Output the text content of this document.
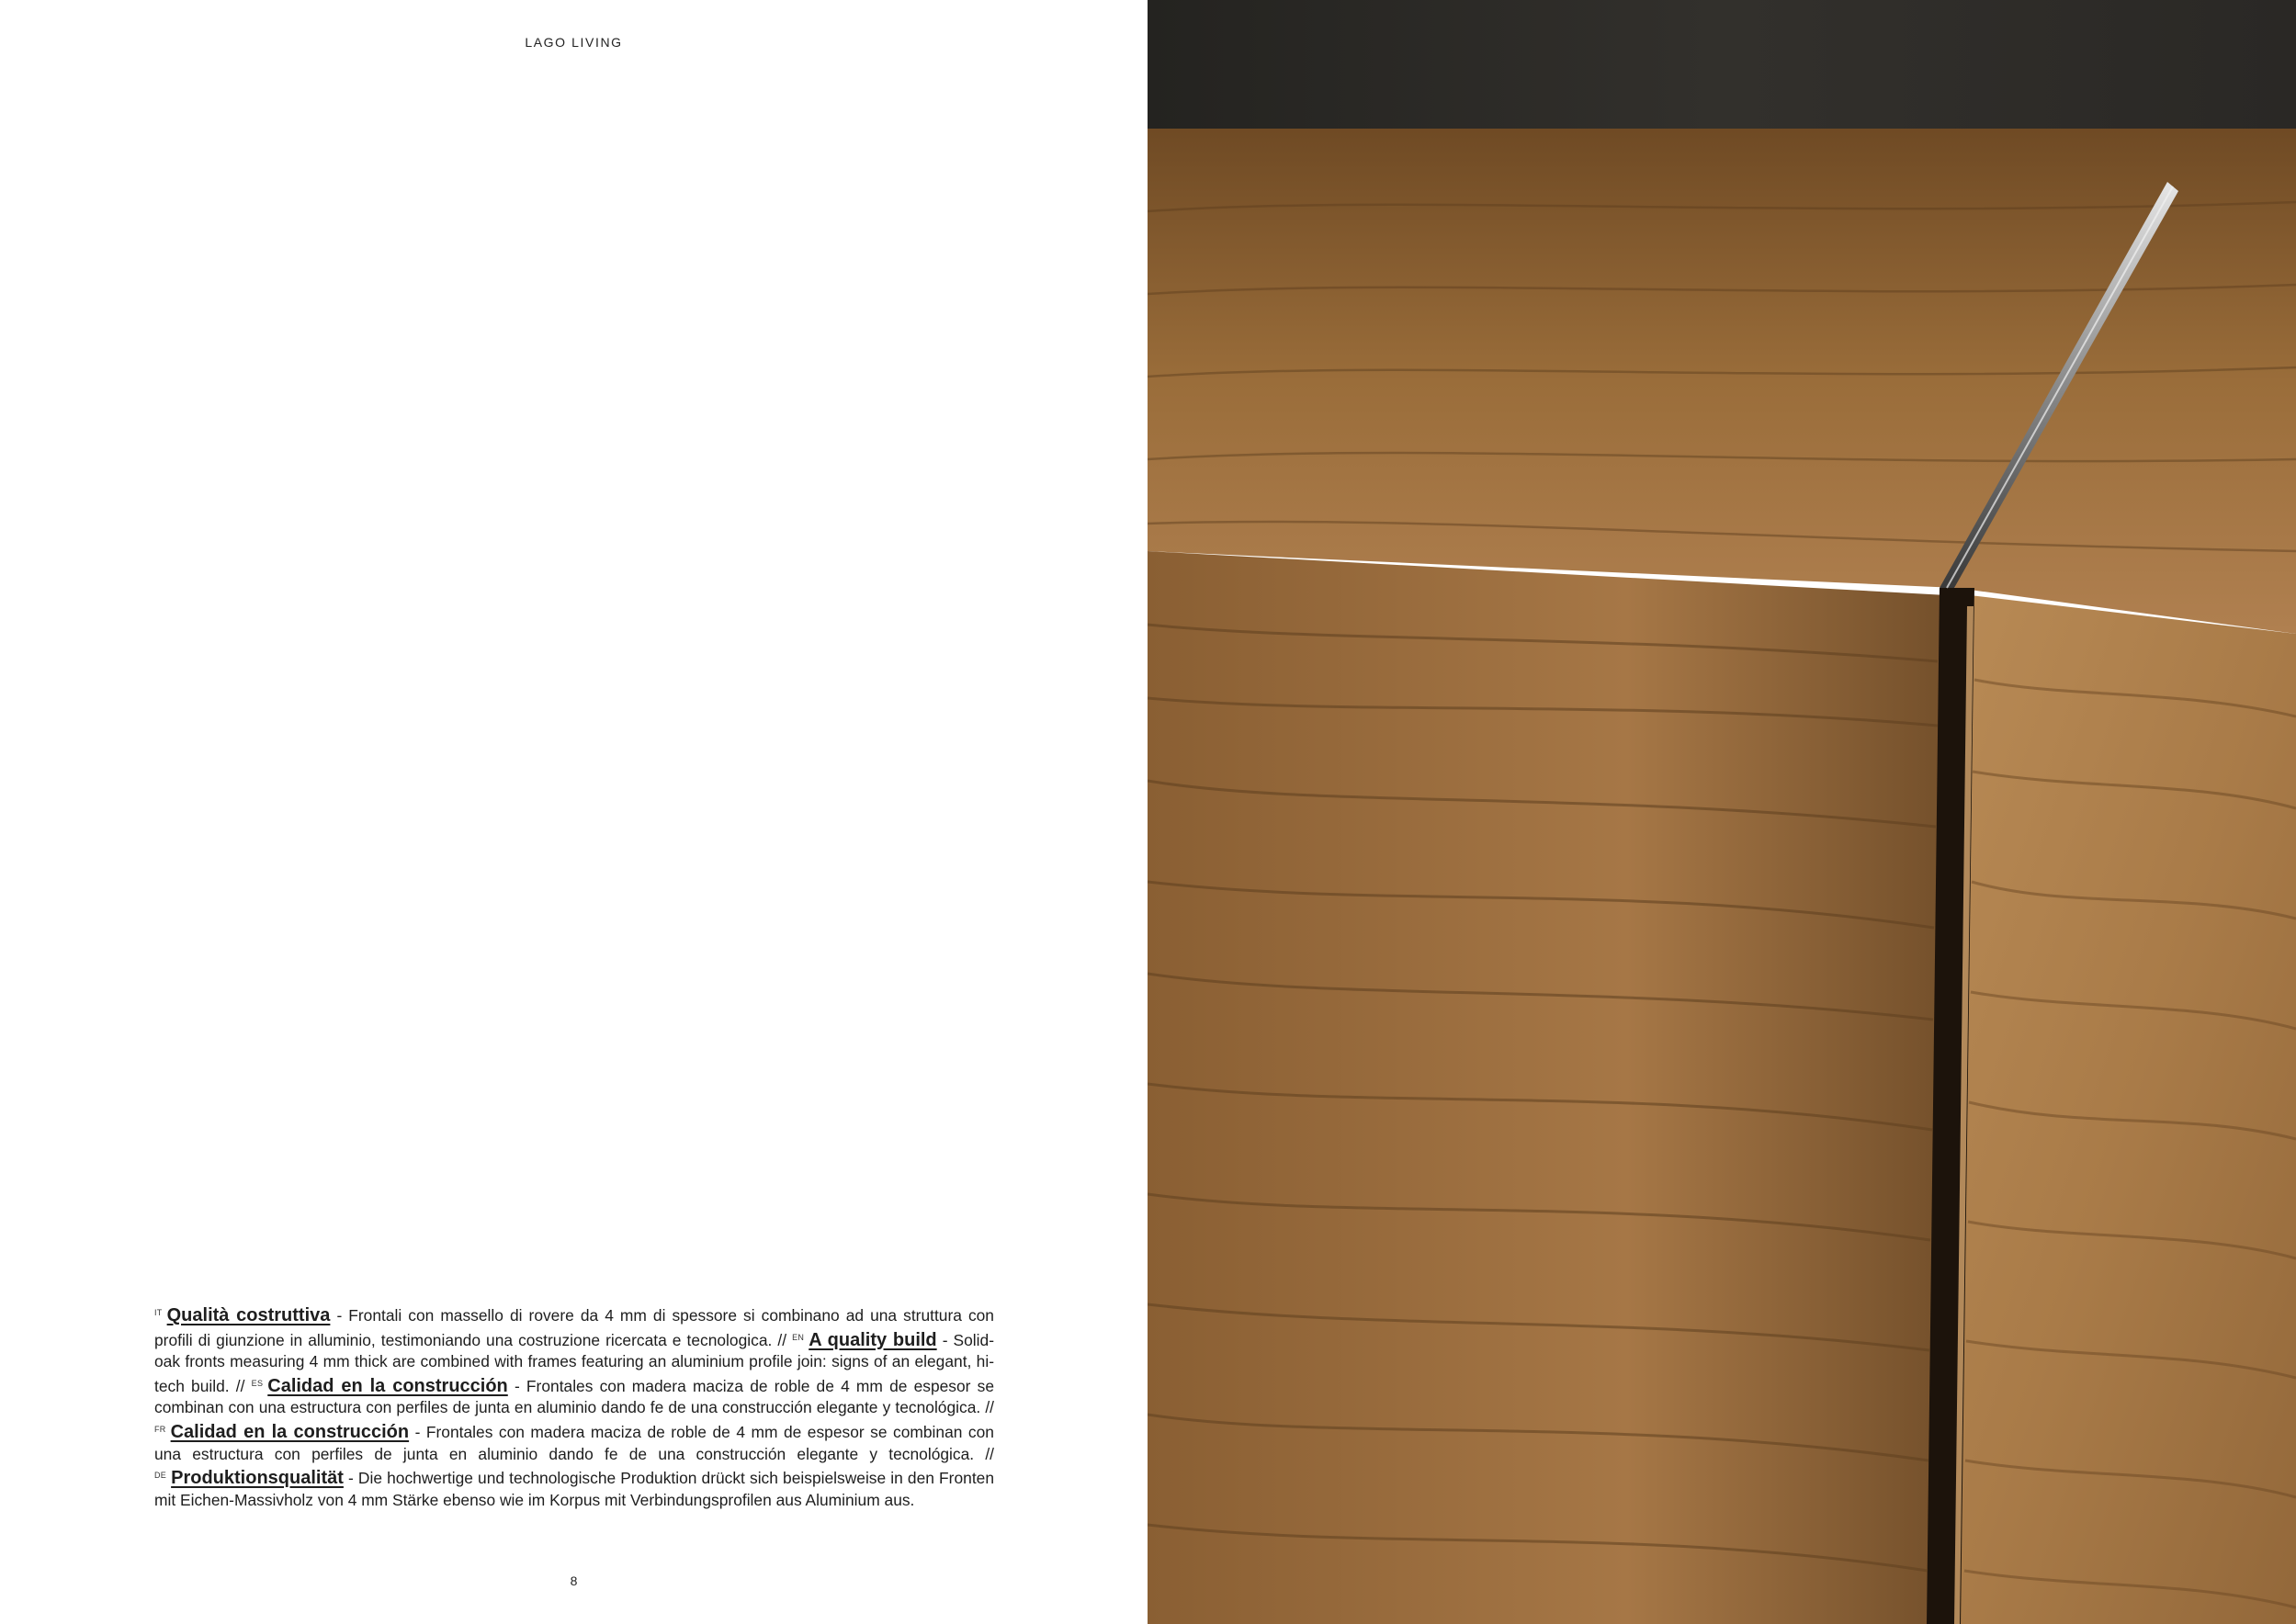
LAGO LIVING
$^{IT}$ Qualità costruttiva - Frontali con massello di rovere da 4 mm di spessore si combinano ad una struttura con profili di giunzione in alluminio, testimoniando una costruzione ricercata e tecnologica. // $^{EN}$ A quality build - Solid-oak fronts measuring 4 mm thick are combined with frames featuring an aluminium profile join: signs of an elegant, hi-tech build. // $^{ES}$ Calidad en la construcción - Frontales con madera maciza de roble de 4 mm de espesor se combinan con una estructura con perfiles de junta en aluminio dando fe de una construcción elegante y tecnológica. // $^{FR}$ Calidad en la construcción - Frontales con madera maciza de roble de 4 mm de espesor se combinan con una estructura con perfiles de junta en aluminio dando fe de una construcción elegante y tecnológica. // $^{DE}$ Produktionsqualität - Die hochwertige und technologische Produktion drückt sich beispielsweise in den Fronten mit Eichen-Massivholz von 4 mm Stärke ebenso wie im Korpus mit Verbindungsprofilen aus Aluminium aus.
8
